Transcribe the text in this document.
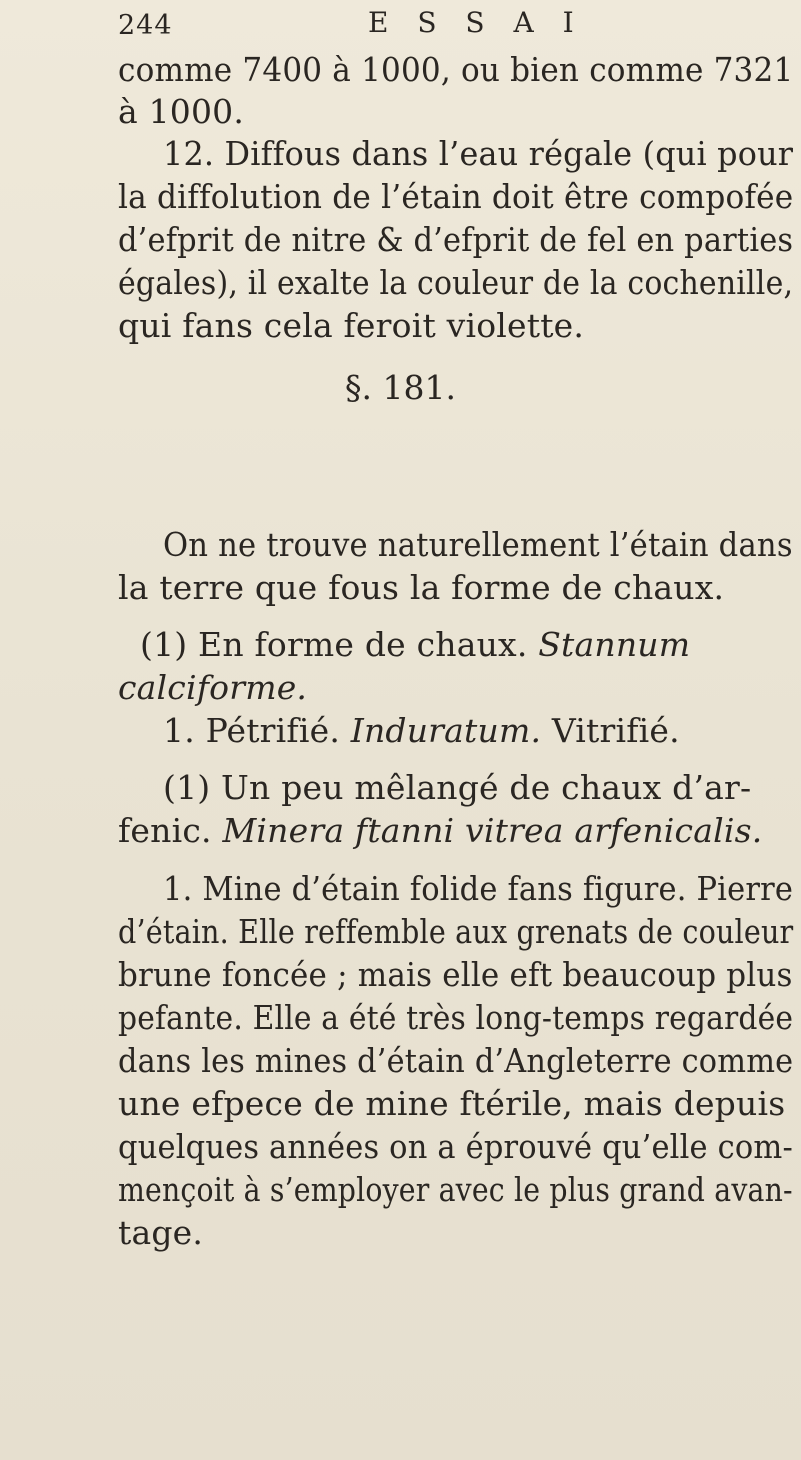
244	E S S A I
comme 7400 à 1000, ou bien comme 7321
à 1000.
12. Diffous dans l’eau régale (qui pour
la diffolution de l’étain doit être compofée
d’efprit de nitre & d’efprit de fel en parties
égales), il exalte la couleur de la cochenille,
qui fans cela feroit violette.
§. 181.
On ne trouve naturellement l’étain dans
la terre que fous la forme de chaux.
(1) En forme de chaux. Stannum
calciforme.
1. Pétrifié. Induratum. Vitrifié.
(1) Un peu mêlangé de chaux d’ar-
fenic. Minera ftanni vitrea arfenicalis.
1. Mine d’étain folide fans figure. Pierre
d’étain. Elle reffemble aux grenats de couleur
brune foncée ; mais elle eft beaucoup plus
pefante. Elle a été très long-temps regardée
dans les mines d’étain d’Angleterre comme
une efpece de mine ftérile, mais depuis
quelques années on a éprouvé qu’elle com-
mençoit à s’employer avec le plus grand avan-
tage.
